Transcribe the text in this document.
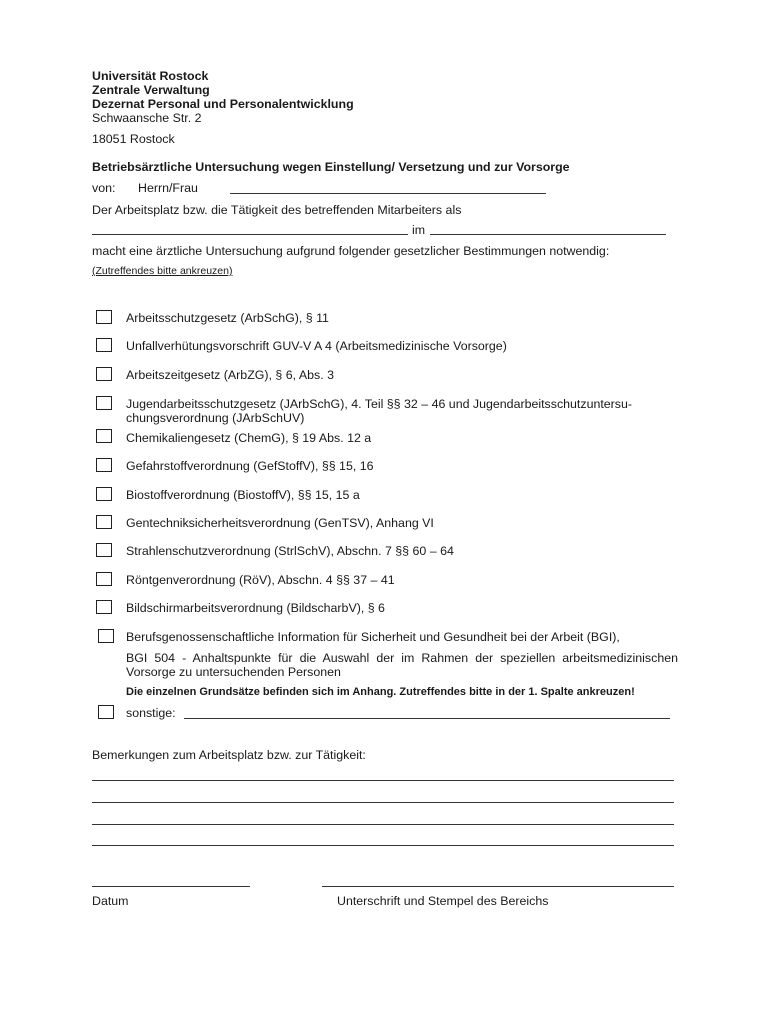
Universität Rostock
Zentrale Verwaltung
Dezernat Personal und Personalentwicklung
Schwaansche Str. 2
18051 Rostock
Betriebsärztliche Untersuchung wegen Einstellung/ Versetzung und zur Vorsorge
von: Herrn/Frau
Der Arbeitsplatz bzw. die Tätigkeit des betreffenden Mitarbeiters als
im
macht eine ärztliche Untersuchung aufgrund folgender gesetzlicher Bestimmungen notwendig:
(Zutreffendes bitte ankreuzen)
Arbeitsschutzgesetz (ArbSchG), § 11
Unfallverhütungsvorschrift GUV-V A 4 (Arbeitsmedizinische Vorsorge)
Arbeitszeitgesetz (ArbZG), § 6, Abs. 3
Jugendarbeitsschutzgesetz (JArbSchG), 4. Teil §§ 32 – 46 und Jugendarbeitsschutzuntersu-
chungsverordnung (JArbSchUV)
Chemikaliengesetz (ChemG), § 19 Abs. 12 a
Gefahrstoffverordnung (GefStoffV), §§ 15, 16
Biostoffverordnung (BiostoffV), §§ 15, 15 a
Gentechniksicherheitsverordnung (GenTSV), Anhang VI
Strahlenschutzverordnung (StrlSchV), Abschn. 7 §§ 60 – 64
Röntgenverordnung (RöV), Abschn. 4 §§ 37 – 41
Bildschirmarbeitsverordnung (BildscharbV), § 6
Berufsgenossenschaftliche Information für Sicherheit und Gesundheit bei der Arbeit (BGI),
BGI 504 - Anhaltspunkte für die Auswahl der im Rahmen der speziellen arbeitsmedizinischen Vorsorge zu untersuchenden Personen
Die einzelnen Grundsätze befinden sich im Anhang. Zutreffendes bitte in der 1. Spalte ankreuzen!
sonstige:
Bemerkungen zum Arbeitsplatz bzw. zur Tätigkeit:
Datum	Unterschrift und Stempel des Bereichs
